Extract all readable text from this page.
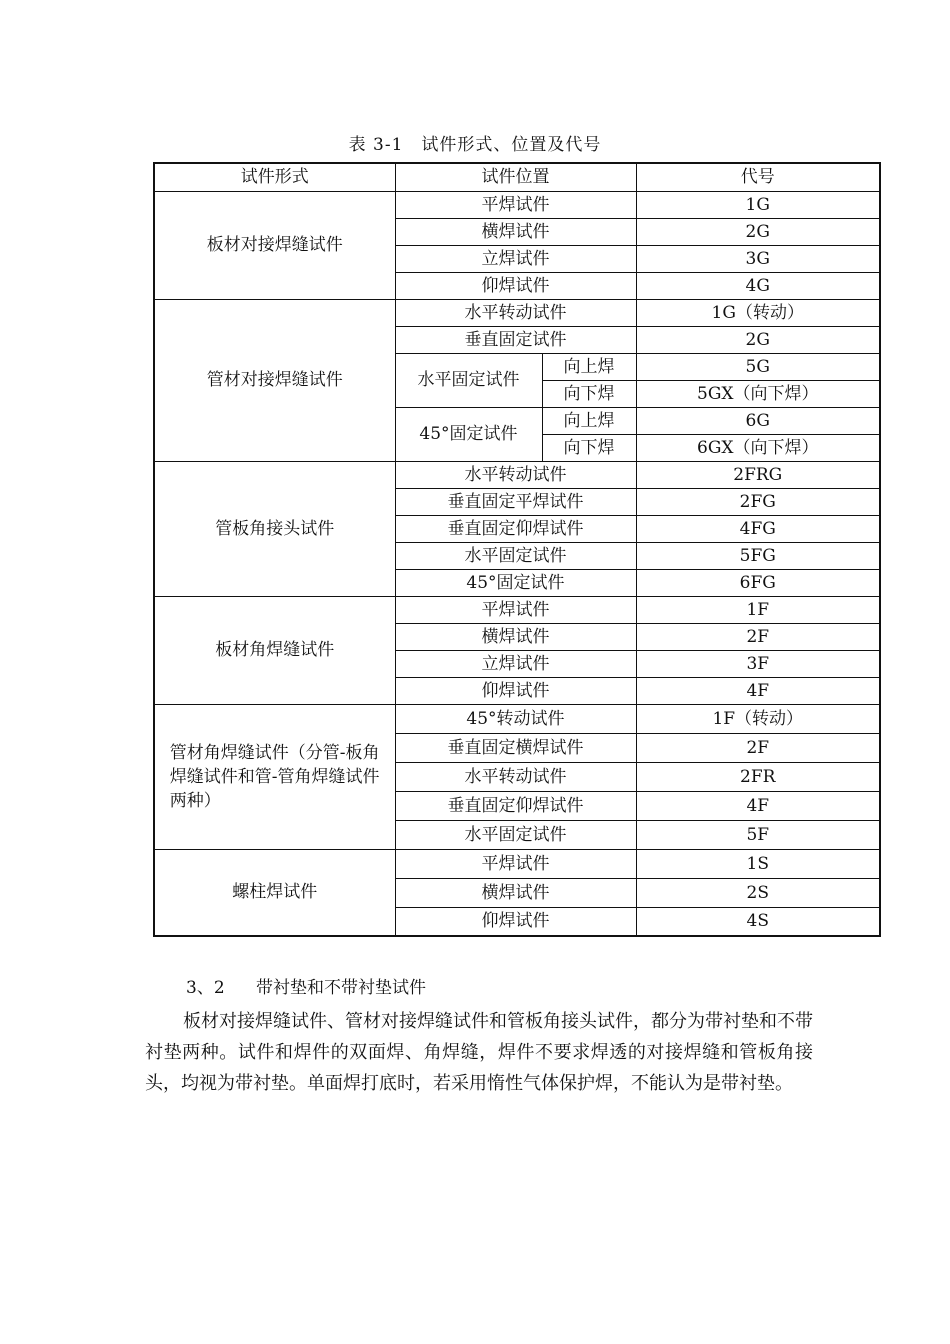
表 3-1　试件形式、位置及代号
试件形式	试件位置		代号
板材对接焊缝试件	平焊试件		1G
	横焊试件		2G
	立焊试件		3G
	仰焊试件		4G
管材对接焊缝试件	水平转动试件		1G（转动）
	垂直固定试件		2G
	水平固定试件	向上焊	5G
		向下焊	5GX（向下焊）
	45°固定试件	向上焊	6G
		向下焊	6GX（向下焊）
管板角接头试件	水平转动试件		2FRG
	垂直固定平焊试件		2FG
	垂直固定仰焊试件		4FG
	水平固定试件		5FG
	45°固定试件		6FG
板材角焊缝试件	平焊试件		1F
	横焊试件		2F
	立焊试件		3F
	仰焊试件		4F
管材角焊缝试件（分管-板角焊缝试件和管-管角焊缝试件两种）	45°转动试件		1F（转动）
	垂直固定横焊试件		2F
	水平转动试件		2FR
	垂直固定仰焊试件		4F
	水平固定试件		5F
螺柱焊试件	平焊试件		1S
	横焊试件		2S
	仰焊试件		4S
3、2 带衬垫和不带衬垫试件

板材对接焊缝试件、管材对接焊缝试件和管板角接头试件，都分为带衬垫和不带衬垫两种。试件和焊件的双面焊、角焊缝，焊件不要求焊透的对接焊缝和管板角接头，均视为带衬垫。单面焊打底时，若采用惰性气体保护焊，不能认为是带衬垫。
